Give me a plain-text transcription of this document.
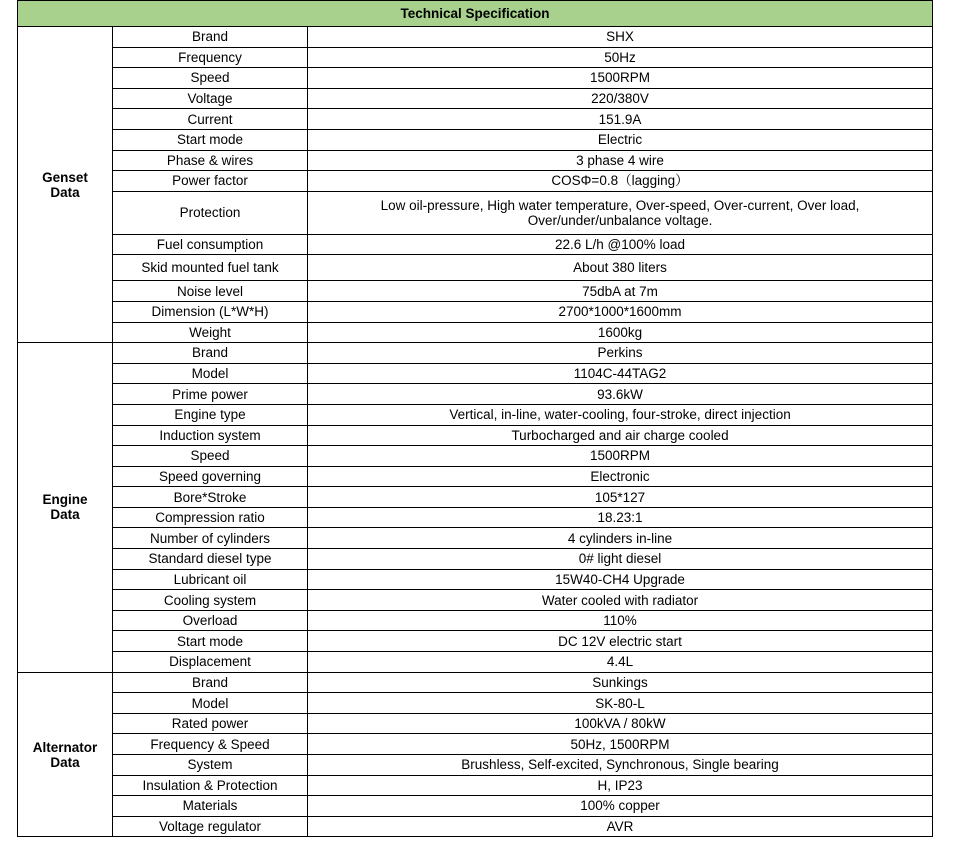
Technical Specification		
Genset
Data	Brand	SHX
	Frequency	50Hz
	Speed	1500RPM
	Voltage	220/380V
	Current	151.9A
	Start mode	Electric
	Phase & wires	3 phase 4 wire
	Power factor	COSΦ=0.8（lagging）
	Protection	Low oil-pressure, High water temperature, Over-speed, Over-current, Over load,
Over/under/unbalance voltage.
	Fuel consumption	22.6 L/h @100% load
	Skid mounted fuel tank	About 380 liters
	Noise level	75dbA at 7m
	Dimension (L*W*H)	2700*1000*1600mm
	Weight	1600kg
Engine
Data	Brand	Perkins
	Model	1104C-44TAG2
	Prime power	93.6kW
	Engine type	Vertical, in-line, water-cooling, four-stroke, direct injection
	Induction system	Turbocharged and air charge cooled
	Speed	1500RPM
	Speed governing	Electronic
	Bore*Stroke	105*127
	Compression ratio	18.23:1
	Number of cylinders	4 cylinders in-line
	Standard diesel type	0# light diesel
	Lubricant oil	15W40-CH4 Upgrade
	Cooling system	Water cooled with radiator
	Overload	110%
	Start mode	DC 12V electric start
	Displacement	4.4L
Alternator
Data	Brand	Sunkings
	Model	SK-80-L
	Rated power	100kVA / 80kW
	Frequency & Speed	50Hz, 1500RPM
	System	Brushless, Self-excited, Synchronous, Single bearing
	Insulation & Protection	H, IP23
	Materials	100% copper
	Voltage regulator	AVR
